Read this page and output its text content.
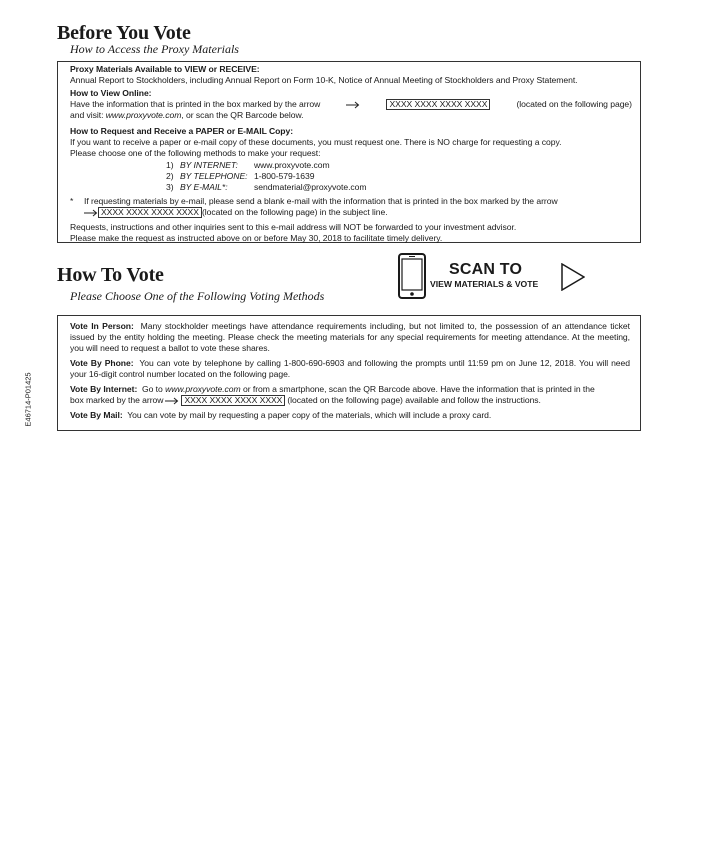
Before You Vote
How to Access the Proxy Materials
Proxy Materials Available to VIEW or RECEIVE:
Annual Report to Stockholders, including Annual Report on Form 10-K, Notice of Annual Meeting of Stockholders and Proxy Statement.
How to View Online:
Have the information that is printed in the box marked by the arrow	XXXX XXXX XXXX XXXX	(located on the following page)
and visit: www.proxyvote.com, or scan the QR Barcode below.
How to Request and Receive a PAPER or E-MAIL Copy:
If you want to receive a paper or e-mail copy of these documents, you must request one. There is NO charge for requesting a copy.
Please choose one of the following methods to make your request:
1) BY INTERNET:	www.proxyvote.com
2) BY TELEPHONE: 1-800-579-1639
3) BY E-MAIL*:	sendmaterial@proxyvote.com
*	If requesting materials by e-mail, please send a blank e-mail with the information that is printed in the box marked by the arrow
XXXX XXXX XXXX XXXX (located on the following page) in the subject line.
Requests, instructions and other inquiries sent to this e-mail address will NOT be forwarded to your investment advisor.
Please make the request as instructed above on or before May 30, 2018 to facilitate timely delivery.
How To Vote
Please Choose One of the Following Voting Methods
SCAN TO
VIEW MATERIALS & VOTE

Vote In Person: Many stockholder meetings have attendance requirements including, but not limited to, the possession of an attendance ticket issued by the entity holding the meeting. Please check the meeting materials for any special requirements for meeting attendance. At the meeting, you will need to request a ballot to vote these shares.

Vote By Phone: You can vote by telephone by calling 1-800-690-6903 and following the prompts until 11:59 pm on June 12, 2018. You will need your 16-digit control number located on the following page.

Vote By Internet: Go to www.proxyvote.com or from a smartphone, scan the QR Barcode above. Have the information that is printed in the
box marked by the arrow	XXXX XXXX XXXX XXXX (located on the following page) available and follow the instructions.

Vote By Mail: You can vote by mail by requesting a paper copy of the materials, which will include a proxy card.

E46714-P01425
